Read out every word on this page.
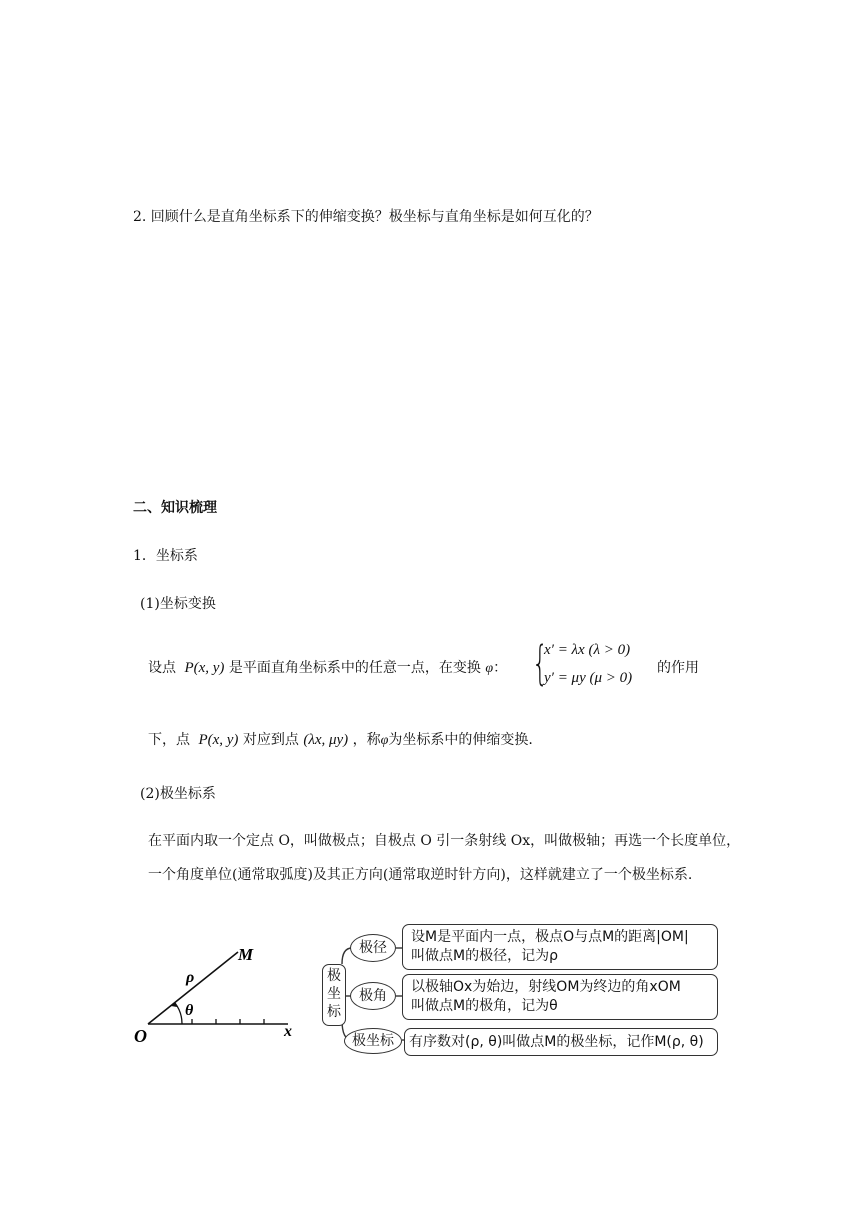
2. 回顾什么是直角坐标系下的伸缩变换？极坐标与直角坐标是如何互化的？
二、知识梳理
1．坐标系
(1)坐标变换
设点 P(x, y) 是平面直角坐标系中的任意一点，在变换 φ： {
x′ = λx (λ > 0)
y′ = μy (μ > 0)
的作用
下，点 P(x, y) 对应到点 (λx, μy) ，称φ为坐标系中的伸缩变换.
(2)极坐标系
在平面内取一个定点 O，叫做极点；自极点 O 引一条射线 Ox，叫做极轴；再选一个长度单位，
一个角度单位(通常取弧度)及其正方向(通常取逆时针方向)，这样就建立了一个极坐标系.
M
ρ
θ
O	x
极坐标
极径
极角
极坐标
设M是平面内一点，极点O与点M的距离|OM|
叫做点M的极径，记为ρ
以极轴Ox为始边，射线OM为终边的角xOM
叫做点M的极角，记为θ
有序数对(ρ, θ)叫做点M的极坐标，记作M(ρ, θ)
